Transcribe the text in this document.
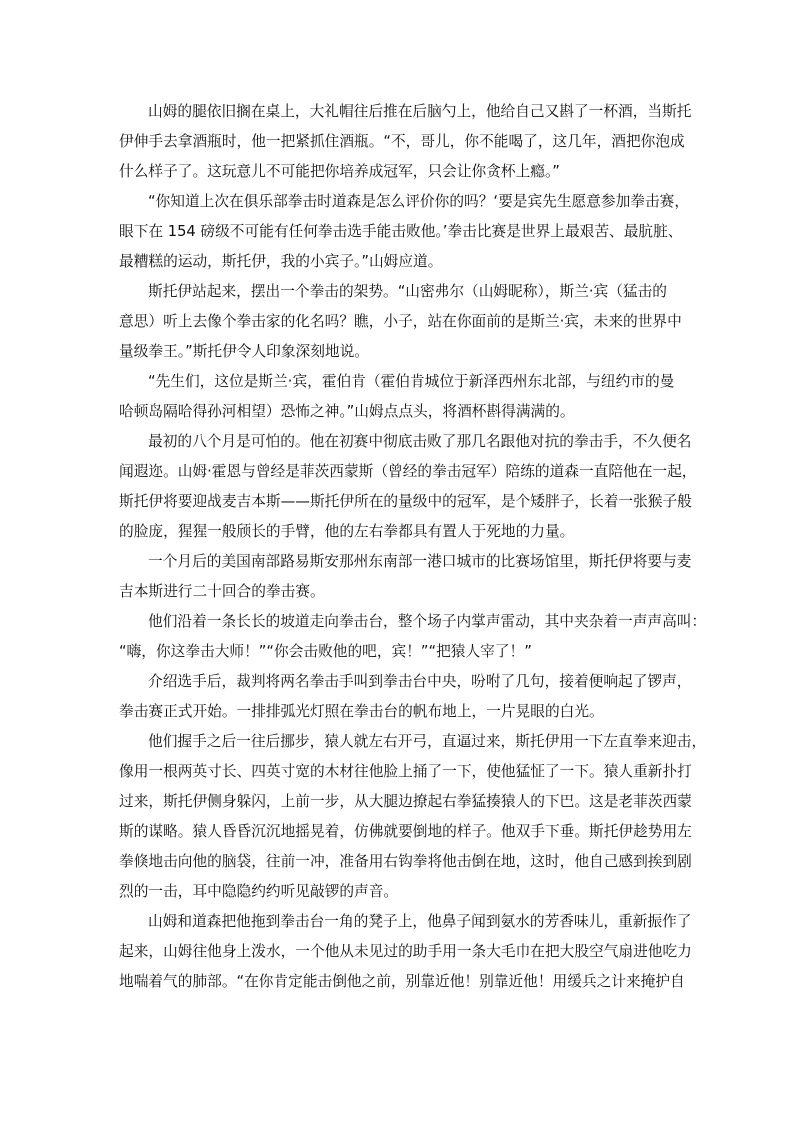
山姆的腿依旧搁在桌上，大礼帽往后推在后脑勺上，他给自己又斟了一杯酒，当斯托
伊伸手去拿酒瓶时，他一把紧抓住酒瓶。“不，哥儿，你不能喝了，这几年，酒把你泡成
什么样子了。这玩意儿不可能把你培养成冠军，只会让你贪杯上瘾。”
“你知道上次在俱乐部拳击时道森是怎么评价你的吗？‘要是宾先生愿意参加拳击赛，
眼下在 154 磅级不可能有任何拳击选手能击败他。’拳击比赛是世界上最艰苦、最肮脏、
最糟糕的运动，斯托伊，我的小宾子。”山姆应道。
斯托伊站起来，摆出一个拳击的架势。“山密弗尔（山姆昵称），斯兰·宾（猛击的
意思）听上去像个拳击家的化名吗？瞧，小子，站在你面前的是斯兰·宾，未来的世界中
量级拳王。”斯托伊令人印象深刻地说。
“先生们，这位是斯兰·宾，霍伯肯（霍伯肯城位于新泽西州东北部，与纽约市的曼
哈顿岛隔哈得孙河相望）恐怖之神。”山姆点点头，将酒杯斟得满满的。
最初的八个月是可怕的。他在初赛中彻底击败了那几名跟他对抗的拳击手，不久便名
闻遐迩。山姆·霍恩与曾经是菲茨西蒙斯（曾经的拳击冠军）陪练的道森一直陪他在一起，
斯托伊将要迎战麦吉本斯——斯托伊所在的量级中的冠军，是个矮胖子，长着一张猴子般
的脸庞，猩猩一般颀长的手臂，他的左右拳都具有置人于死地的力量。
一个月后的美国南部路易斯安那州东南部一港口城市的比赛场馆里，斯托伊将要与麦
吉本斯进行二十回合的拳击赛。
他们沿着一条长长的坡道走向拳击台，整个场子内掌声雷动，其中夹杂着一声声高叫：
“嗨，你这拳击大师！”“你会击败他的吧，宾！”“把猿人宰了！”
介绍选手后，裁判将两名拳击手叫到拳击台中央，吩咐了几句，接着便响起了锣声，
拳击赛正式开始。一排排弧光灯照在拳击台的帆布地上，一片晃眼的白光。
他们握手之后一往后挪步，猿人就左右开弓，直逼过来，斯托伊用一下左直拳来迎击，
像用一根两英寸长、四英寸宽的木材往他脸上捅了一下，使他猛怔了一下。猿人重新扑打
过来，斯托伊侧身躲闪，上前一步，从大腿边撩起右拳猛揍猿人的下巴。这是老菲茨西蒙
斯的谋略。猿人昏昏沉沉地摇晃着，仿佛就要倒地的样子。他双手下垂。斯托伊趁势用左
拳倏地击向他的脑袋，往前一冲，准备用右钩拳将他击倒在地，这时，他自己感到挨到剧
烈的一击，耳中隐隐约约听见敲锣的声音。
山姆和道森把他拖到拳击台一角的凳子上，他鼻子闻到氨水的芳香味儿，重新振作了
起来，山姆往他身上泼水，一个他从未见过的助手用一条大毛巾在把大股空气扇进他吃力
地喘着气的肺部。“在你肯定能击倒他之前，别靠近他！别靠近他！用缓兵之计来掩护自
